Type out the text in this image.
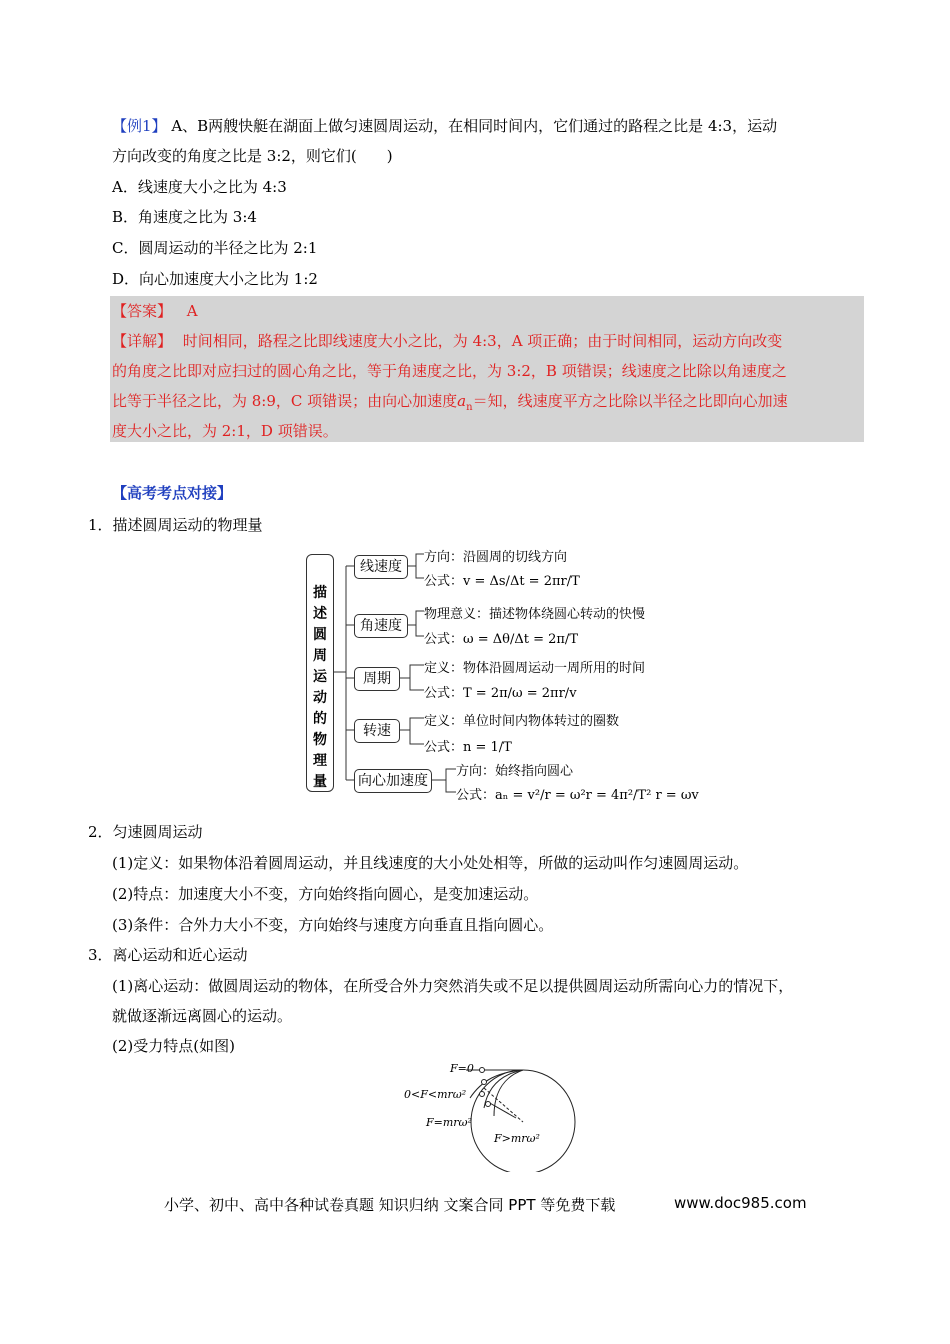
【例1】 A、B两艘快艇在湖面上做匀速圆周运动，在相同时间内，它们通过的路程之比是 4:3，运动
方向改变的角度之比是 3:2，则它们(　　)
A．线速度大小之比为 4:3
B．角速度之比为 3:4
C．圆周运动的半径之比为 2:1
D．向心加速度大小之比为 1:2
【答案】 A
【详解】 时间相同，路程之比即线速度大小之比，为 4:3，A 项正确；由于时间相同，运动方向改变
的角度之比即对应扫过的圆心角之比，等于角速度之比，为 3:2，B 项错误；线速度之比除以角速度之
比等于半径之比，为 8:9，C 项错误；由向心加速度$a_n=$知，线速度平方之比除以半径之比即向心加速
度大小之比，为 2:1，D 项错误。
【高考考点对接】
1．描述圆周运动的物理量
描述圆周运动的物理量
线速度
方向：沿圆周的切线方向
公式：v = Δs/Δt = 2πr/T
角速度
物理意义：描述物体绕圆心转动的快慢
公式：ω = Δθ/Δt = 2π/T
周期
定义：物体沿圆周运动一周所用的时间
公式：T = 2π/ω = 2πr/v
转速
定义：单位时间内物体转过的圈数
公式：n = 1/T
向心加速度
方向：始终指向圆心
公式：aₙ = v²/r = ω²r = 4π²/T² r = ωv
2．匀速圆周运动
(1)定义：如果物体沿着圆周运动，并且线速度的大小处处相等，所做的运动叫作匀速圆周运动。
(2)特点：加速度大小不变，方向始终指向圆心，是变加速运动。
(3)条件：合外力大小不变，方向始终与速度方向垂直且指向圆心。
3．离心运动和近心运动
(1)离心运动：做圆周运动的物体，在所受合外力突然消失或不足以提供圆周运动所需向心力的情况下，
就做逐渐远离圆心的运动。
(2)受力特点(如图)
F=0
0<F<mrω²
F=mrω²
F>mrω²
小学、初中、高中各种试卷真题 知识归纳 文案合同 PPT 等免费下载	www.doc985.com
